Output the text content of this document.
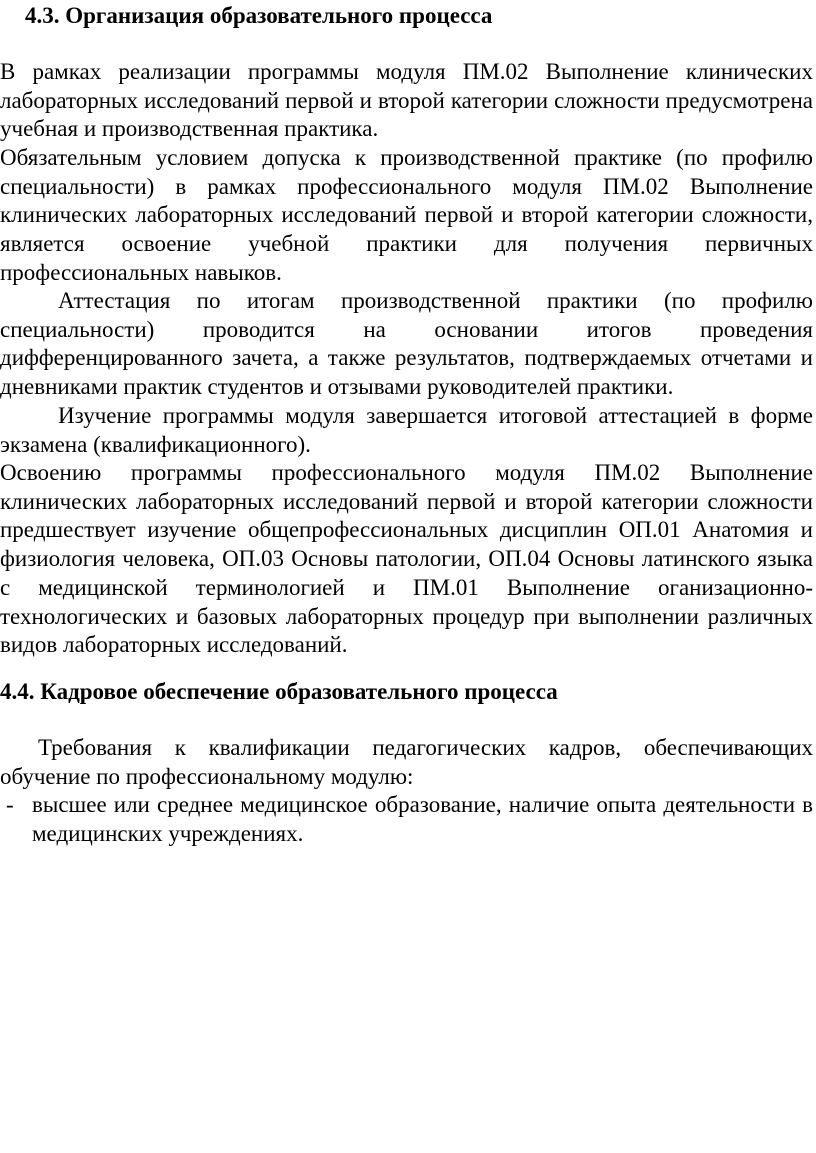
4.3. Организация образовательного процесса

В рамках реализации программы модуля ПМ.02 Выполнение клинических лабораторных исследований первой и второй категории сложности предусмотрена учебная и производственная практика.

Обязательным условием допуска к производственной практике (по профилю специальности) в рамках профессионального модуля ПМ.02 Выполнение клинических лабораторных исследований первой и второй категории сложности, является освоение учебной практики для получения первичных профессиональных навыков.

Аттестация по итогам производственной практики (по профилю специальности) проводится на основании итогов проведения дифференцированного зачета, а также результатов, подтверждаемых отчетами и дневниками практик студентов и отзывами руководителей практики.

Изучение программы модуля завершается итоговой аттестацией в форме экзамена (квалификационного).

Освоению программы профессионального модуля ПМ.02 Выполнение клинических лабораторных исследований первой и второй категории сложности предшествует изучение общепрофессиональных дисциплин ОП.01 Анатомия и физиология человека, ОП.03 Основы патологии, ОП.04 Основы латинского языка с медицинской терминологией и ПМ.01 Выполнение оганизационно-технологических и базовых лабораторных процедур при выполнении различных видов лабораторных исследований.

4.4. Кадровое обеспечение образовательного процесса

Требования к квалификации педагогических кадров, обеспечивающих обучение по профессиональному модулю:

- высшее или среднее медицинское образование, наличие опыта деятельности в медицинских учреждениях.
